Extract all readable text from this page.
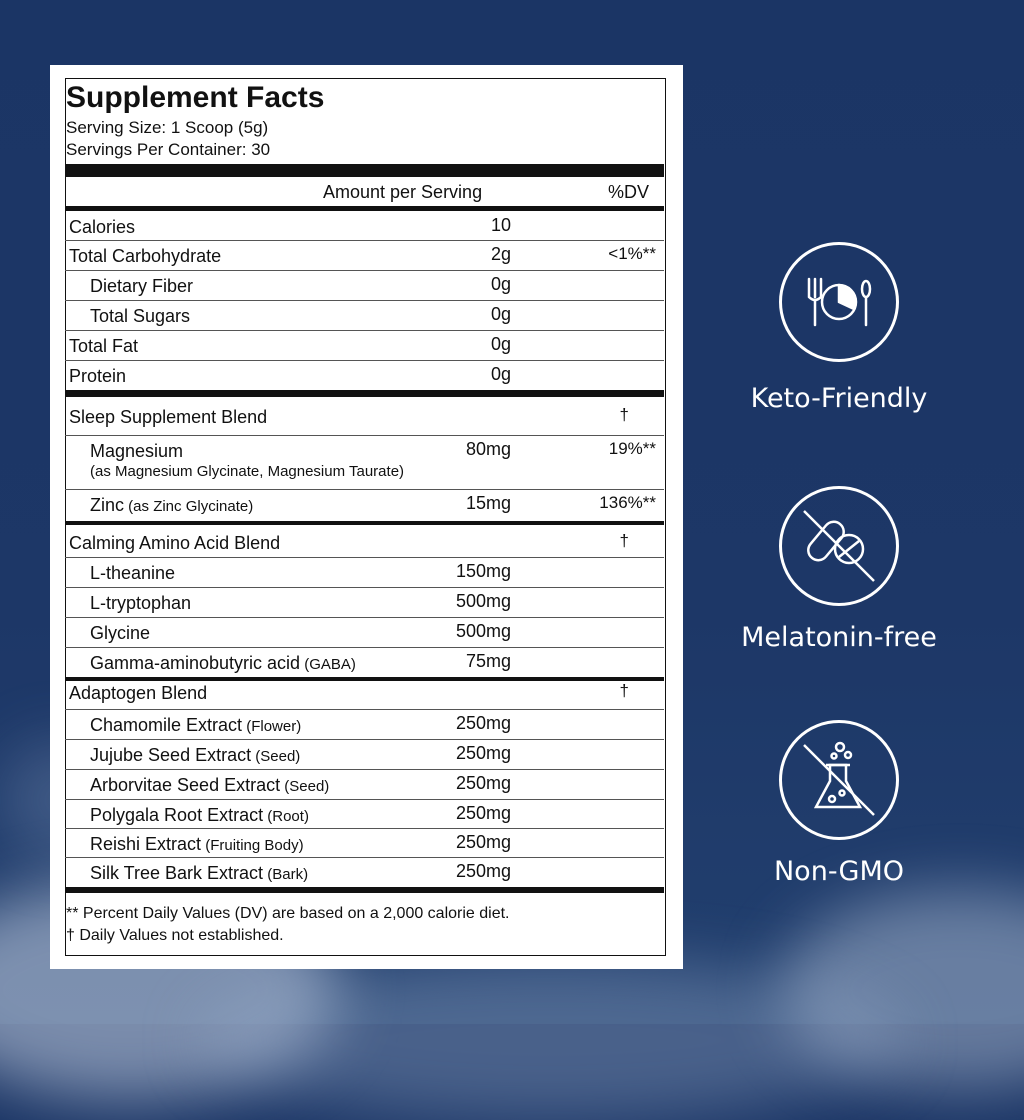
Supplement Facts
Serving Size: 1 Scoop (5g)
Servings Per Container: 30
Amount per Serving	%DV
Calories	10
Total Carbohydrate	2g	<1%**
Dietary Fiber	0g
Total Sugars	0g
Total Fat	0g
Protein	0g
Sleep Supplement Blend	†
Magnesium
(as Magnesium Glycinate, Magnesium Taurate)
80mg	19%**
Zinc (as Zinc Glycinate)	15mg	136%**
Calming Amino Acid Blend	†
L-theanine	150mg
L-tryptophan	500mg
Glycine	500mg
Gamma-aminobutyric acid (GABA)	75mg
Adaptogen Blend	†
Chamomile Extract (Flower)	250mg
Jujube Seed Extract (Seed)	250mg
Arborvitae Seed Extract (Seed)	250mg
Polygala Root Extract (Root)	250mg
Reishi Extract (Fruiting Body)	250mg
Silk Tree Bark Extract (Bark)	250mg
** Percent Daily Values (DV) are based on a 2,000 calorie diet.
† Daily Values not established.
Keto-Friendly
Melatonin-free
Non-GMO
